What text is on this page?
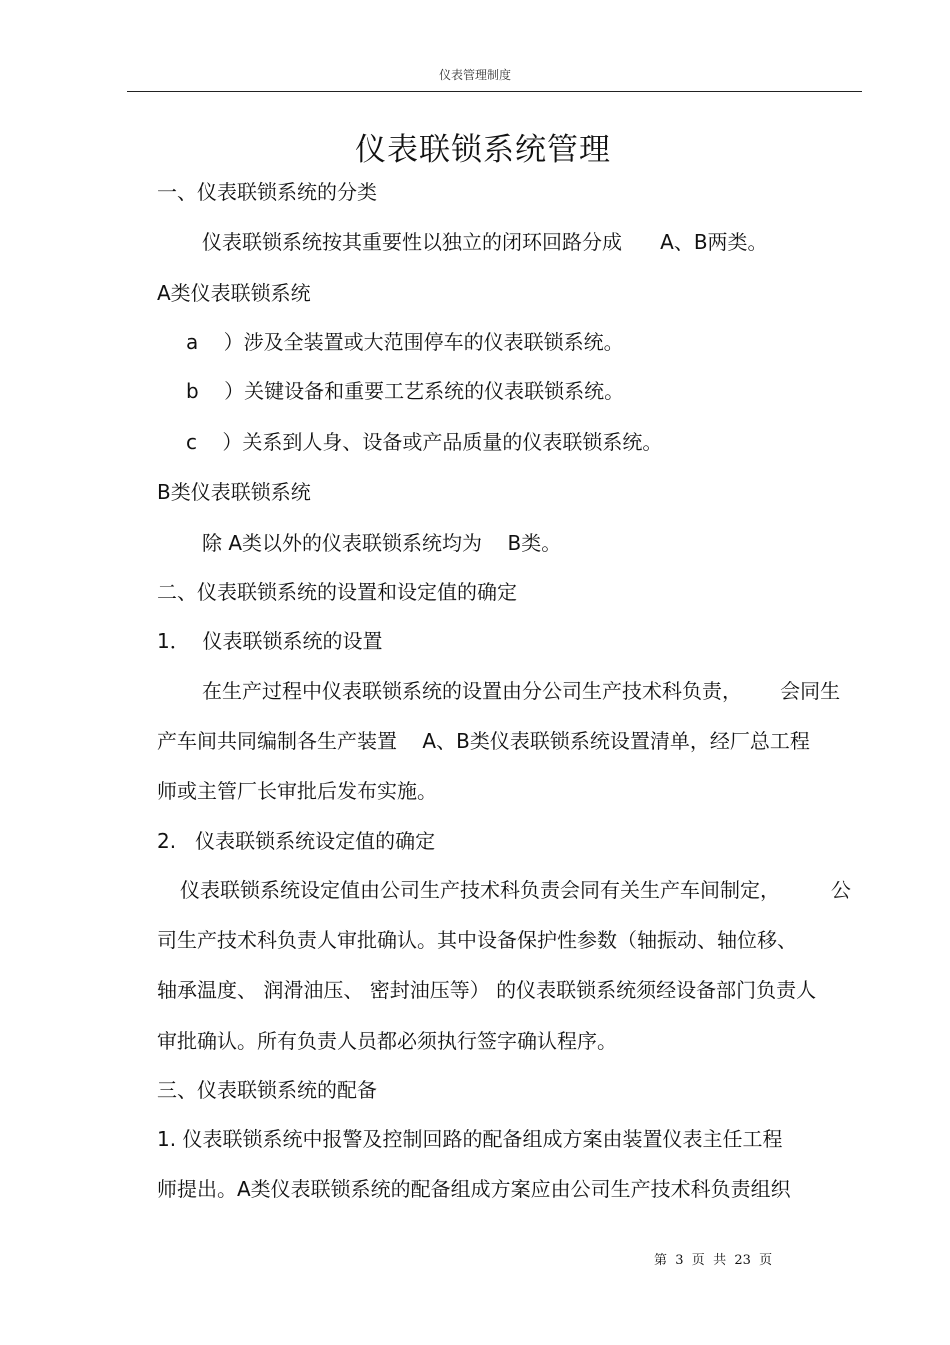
仪表管理制度
仪表联锁系统管理
一、仪表联锁系统的分类
仪表联锁系统按其重要性以独立的闭环回路分成      A、B两类。
A类仪表联锁系统
a    ）涉及全装置或大范围停车的仪表联锁系统。
b    ）关键设备和重要工艺系统的仪表联锁系统。
c    ）关系到人身、设备或产品质量的仪表联锁系统。
B类仪表联锁系统
除 A类以外的仪表联锁系统均为    B类。
二、仪表联锁系统的设置和设定值的确定
1．  仪表联锁系统的设置
在生产过程中仪表联锁系统的设置由分公司生产技术科负责，      会同生
产车间共同编制各生产装置    A、B类仪表联锁系统设置清单，经厂总工程
师或主管厂长审批后发布实施。
2.   仪表联锁系统设定值的确定
仪表联锁系统设定值由公司生产技术科负责会同有关生产车间制定，        公
司生产技术科负责人审批确认。其中设备保护性参数（轴振动、轴位移、
轴承温度、 润滑油压、 密封油压等） 的仪表联锁系统须经设备部门负责人
审批确认。所有负责人员都必须执行签字确认程序。
三、仪表联锁系统的配备
1. 仪表联锁系统中报警及控制回路的配备组成方案由装置仪表主任工程
师提出。A类仪表联锁系统的配备组成方案应由公司生产技术科负责组织
第  3  页  共  23  页
